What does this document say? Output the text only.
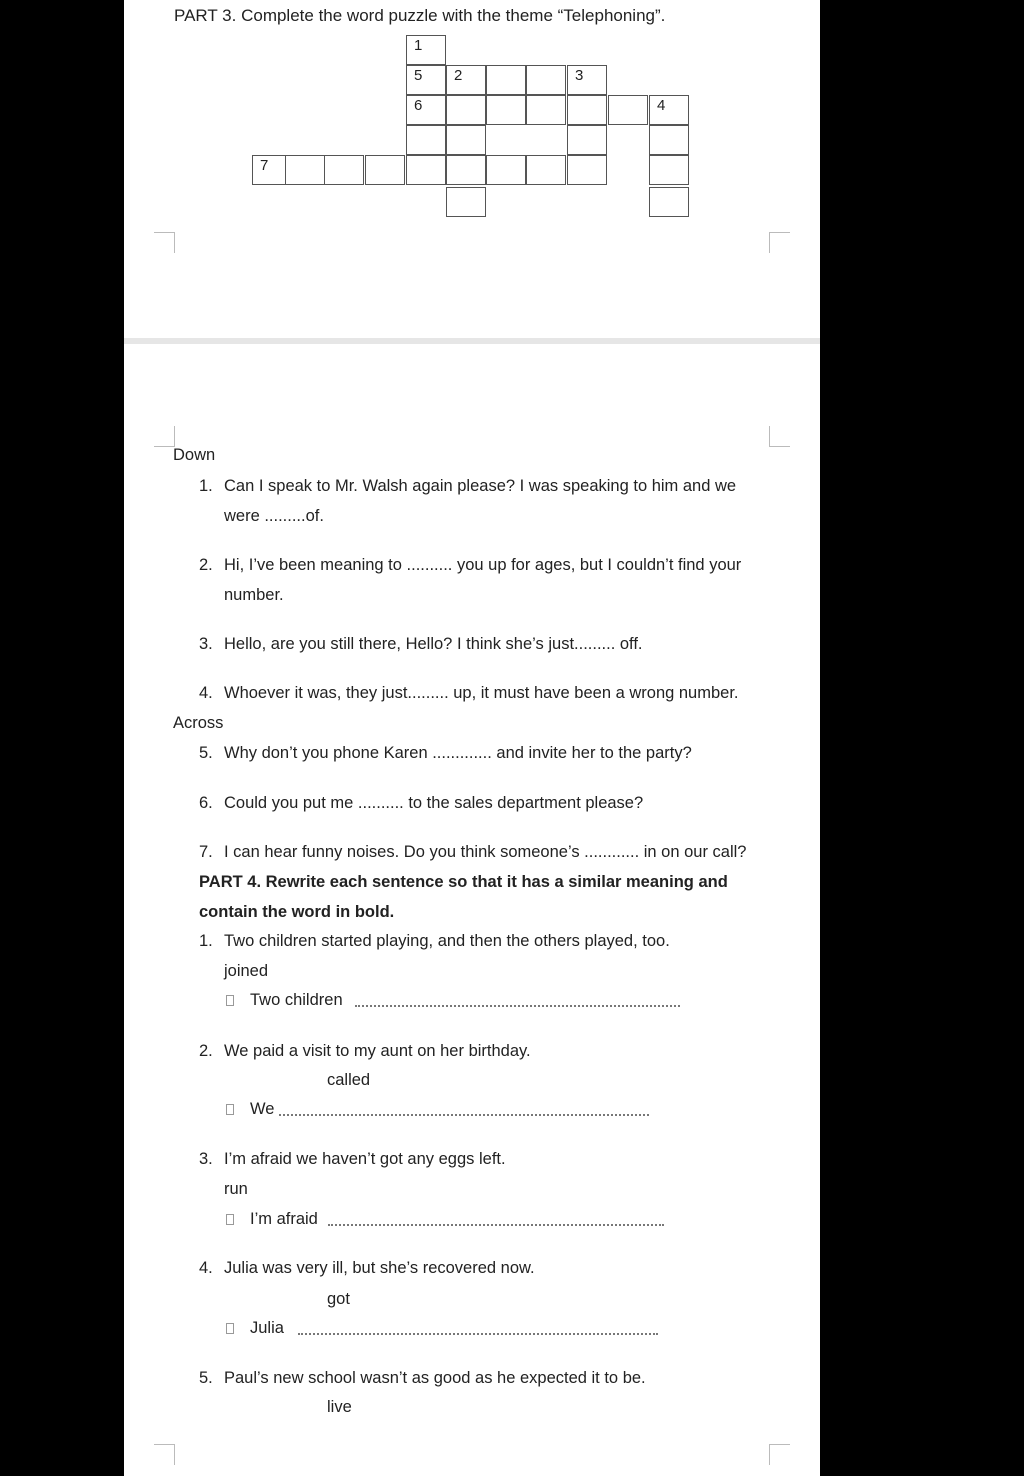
PART 3. Complete the word puzzle with the theme “Telephoning”.
1
5 2	3
6	4
7
Down
1. Can I speak to Mr. Walsh again please? I was speaking to him and we
were .........of.
2. Hi, I’ve been meaning to .......... you up for ages, but I couldn’t find your
number.
3. Hello, are you still there, Hello? I think she’s just......... off.
4. Whoever it was, they just......... up, it must have been a wrong number.
Across
5. Why don’t you phone Karen ............. and invite her to the party?
6. Could you put me .......... to the sales department please?
7. I can hear funny noises. Do you think someone’s ............ in on our call?
PART 4. Rewrite each sentence so that it has a similar meaning and
contain the word in bold.
1. Two children started playing, and then the others played, too.
joined
Two children
2. We paid a visit to my aunt on her birthday.
called
We
3. I’m afraid we haven’t got any eggs left.
run
I’m afraid
4. Julia was very ill, but she’s recovered now.
got
Julia
5. Paul’s new school wasn’t as good as he expected it to be.
live
